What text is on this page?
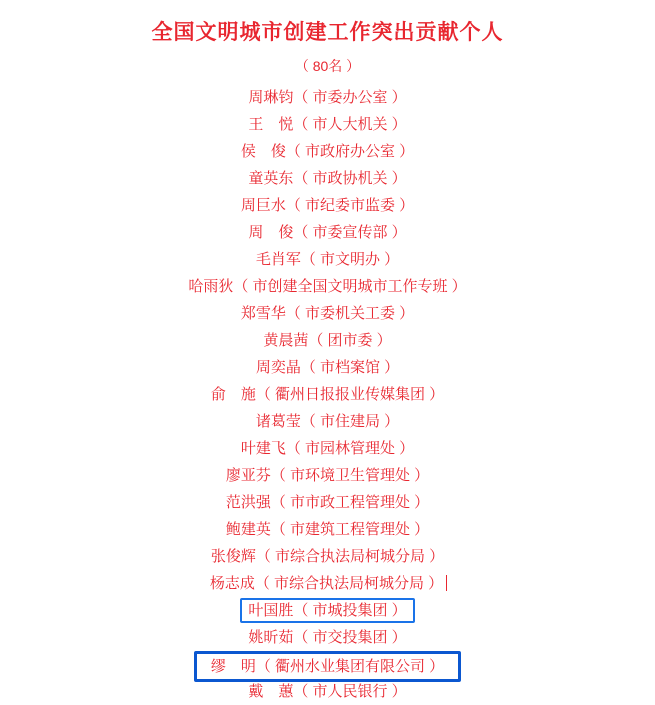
全国文明城市创建工作突出贡献个人
（ 80名 ）
周琳钧（ 市委办公室 ）
王　悦（ 市人大机关 ）
侯　俊（ 市政府办公室 ）
童英东（ 市政协机关 ）
周巨水（ 市纪委市监委 ）
周　俊（ 市委宣传部 ）
毛肖军（ 市文明办 ）
哈雨狄（ 市创建全国文明城市工作专班 ）
郑雪华（ 市委机关工委 ）
黄晨茜（ 团市委 ）
周奕晶（ 市档案馆 ）
俞　施（ 衢州日报报业传媒集团 ）
诸葛莹（ 市住建局 ）
叶建飞（ 市园林管理处 ）
廖亚芬（ 市环境卫生管理处 ）
范洪强（ 市市政工程管理处 ）
鲍建英（ 市建筑工程管理处 ）
张俊辉（ 市综合执法局柯城分局 ）
杨志成（ 市综合执法局柯城分局 ）
叶国胜（ 市城投集团 ）
姚昕茹（ 市交投集团 ）
缪　明（ 衢州水业集团有限公司 ）
戴　蕙（ 市人民银行 ）
